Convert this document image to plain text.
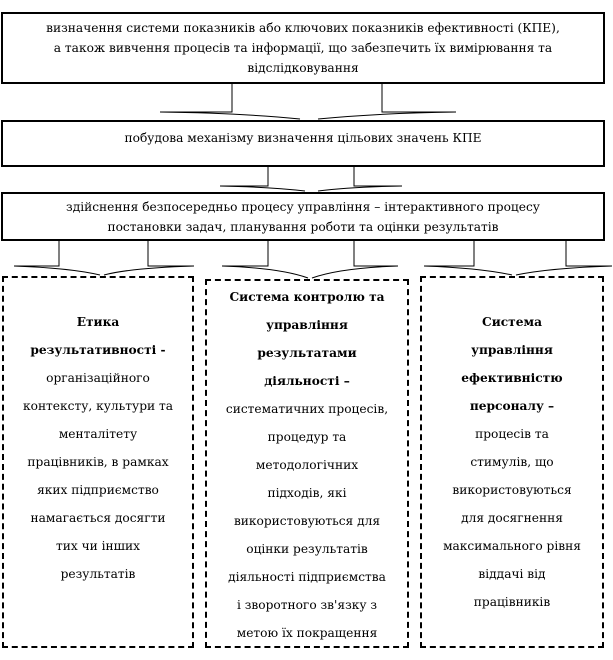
визначення системи показників або ключових показників ефективності (КПЕ),
а також вивчення процесів та інформації, що забезпечить їх вимірювання та
відслідковування
побудова механізму визначення цільових значень КПЕ
здійснення безпосередньо процесу управління – інтерактивного процесу
постановки задач, планування роботи та оцінки результатів
Етика
результативності -
організаційного
контексту, культури та
менталітету
працівників, в рамках
яких підприємство
намагається досягти
тих чи інших
результатів
Система контролю та
управління
результатами
діяльності –
систематичних процесів,
процедур та
методологічних
підходів, які
використовуються для
оцінки результатів
діяльності підприємства
і зворотного зв'язку з
метою їх покращення
Система
управління
ефективністю
персоналу –
процесів та
стимулів, що
використовуються
для досягнення
максимального рівня
віддачі від
працівників
